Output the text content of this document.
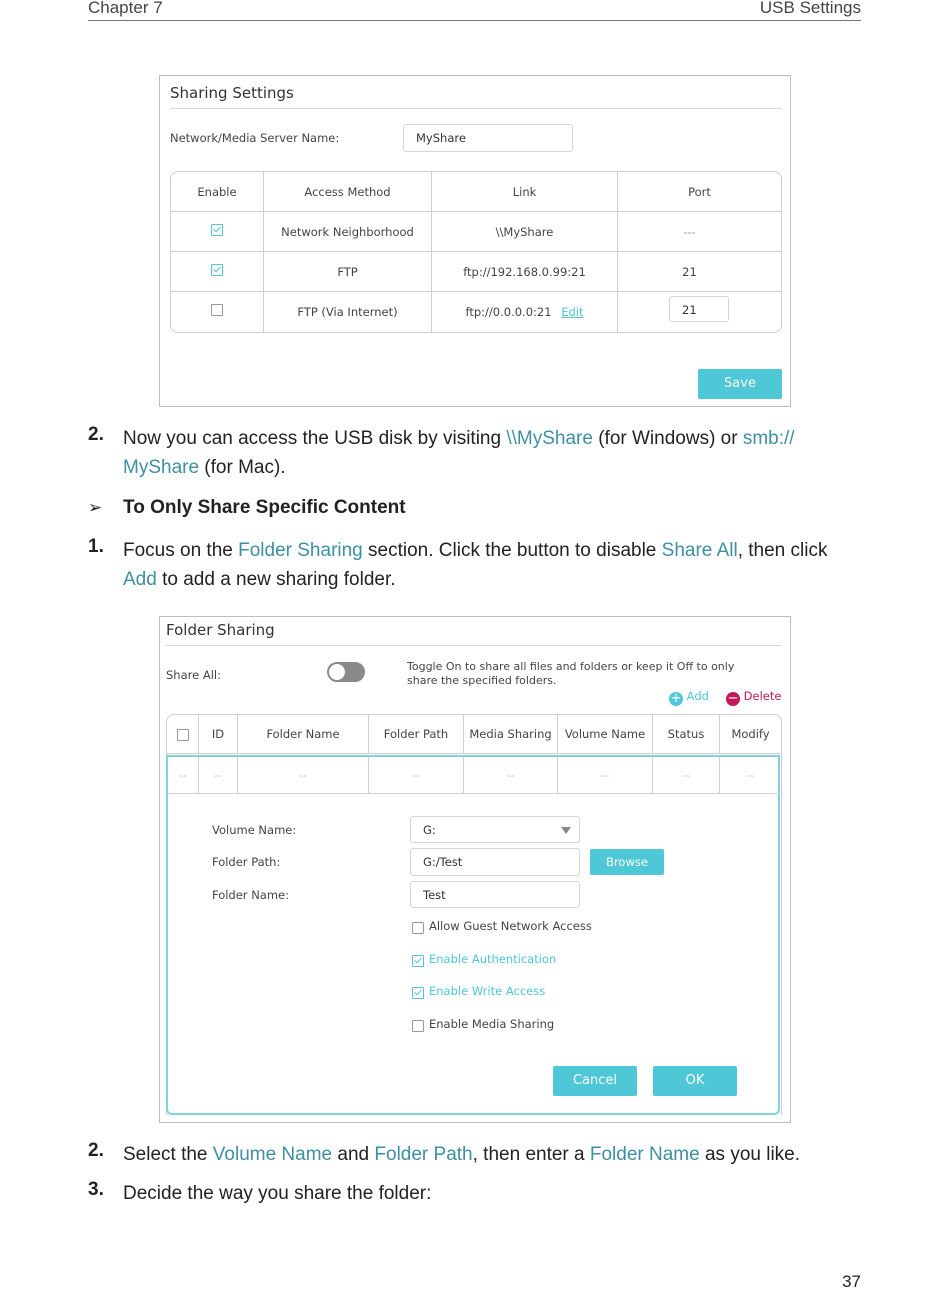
Chapter 7	USB Settings
Sharing Settings
Network/Media Server Name:	MyShare
Enable	Access Method	Link	Port

	Network Neighborhood	\\MyShare	---

	FTP	ftp://192.168.0.99:21	21

	FTP (Via Internet)	ftp://0.0.0.0:21 Edit	21
Save
2. Now you can access the USB disk by visiting \\MyShare (for Windows) or smb://
MyShare (for Mac).
➢ To Only Share Specific Content
1. Focus on the Folder Sharing section. Click the button to disable Share All, then click
Add to add a new sharing folder.
Folder Sharing
Share All:
Toggle On to share all files and folders or keep it Off to only share the specified folders.
+ Add − Delete
	ID	Folder Name	Folder Path	Media Sharing	Volume Name	Status	Modify
--	--	--	--	--	--	--	--
Volume Name:	G:
Folder Path:	G:/Test	Browse
Folder Name:	Test
Allow Guest Network Access
Enable Authentication
Enable Write Access
Enable Media Sharing
Cancel	OK
2. Select the Volume Name and Folder Path, then enter a Folder Name as you like.
3. Decide the way you share the folder:
37
